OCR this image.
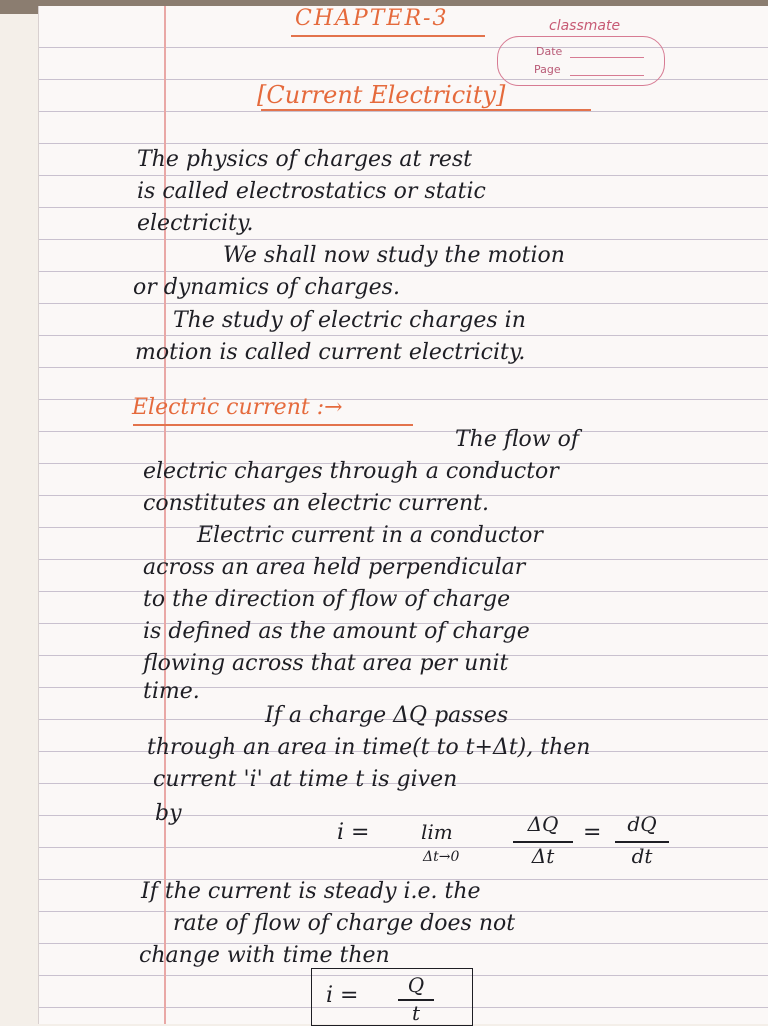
CHAPTER-3	classmate
Date
Page
[Current Electricity]
The physics of charges at rest
is called electrostatics or static
electricity.
We shall now study the motion
or dynamics of charges.
The study of electric charges in
motion is called current electricity.
Electric current :→
The flow of
electric charges through a conductor
constitutes an electric current.
Electric current in a conductor
across an area held perpendicular
to the direction of flow of charge
is defined as the amount of charge
flowing across that area per unit
time.
If a charge ΔQ passes
through an area in time(t to t+Δt), then
current 'i' at time t is given
by
i =	lim
Δt→0
ΔQ
Δt
=	dQ
dt
If the current is steady i.e. the
rate of flow of charge does not
change with time then
i =	Q
t
